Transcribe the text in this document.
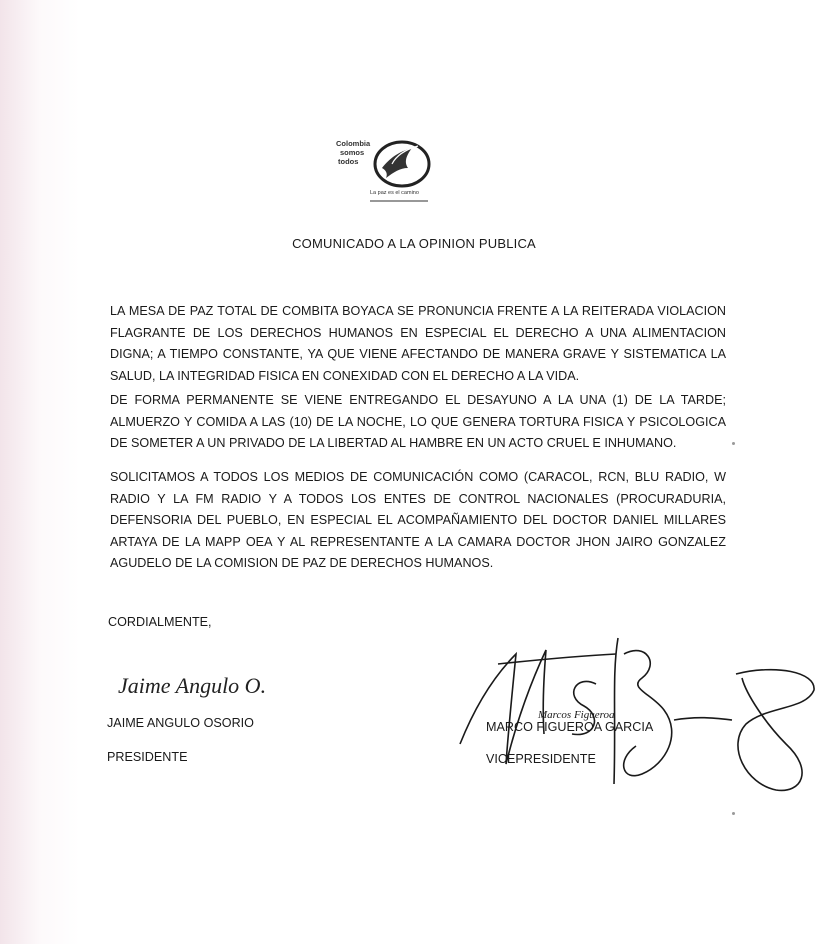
Colombia
somos
todos
La paz es el camino
COMUNICADO A LA OPINION PUBLICA

LA MESA DE PAZ TOTAL DE COMBITA BOYACA SE PRONUNCIA FRENTE A LA REITERADA VIOLACION FLAGRANTE DE LOS DERECHOS HUMANOS EN ESPECIAL EL DERECHO A UNA ALIMENTACION DIGNA; A TIEMPO CONSTANTE, YA QUE VIENE AFECTANDO DE MANERA GRAVE Y SISTEMATICA LA SALUD, LA INTEGRIDAD FISICA EN CONEXIDAD CON EL DERECHO A LA VIDA.

DE FORMA PERMANENTE SE VIENE ENTREGANDO EL DESAYUNO A LA UNA (1) DE LA TARDE; ALMUERZO Y COMIDA A LAS (10) DE LA NOCHE, LO QUE GENERA TORTURA FISICA Y PSICOLOGICA DE SOMETER A UN PRIVADO DE LA LIBERTAD AL HAMBRE EN UN ACTO CRUEL E INHUMANO.

SOLICITAMOS A TODOS LOS MEDIOS DE COMUNICACIÓN COMO (CARACOL, RCN, BLU RADIO, W RADIO Y LA FM RADIO Y A TODOS LOS ENTES DE CONTROL NACIONALES (PROCURADURIA, DEFENSORIA DEL PUEBLO, EN ESPECIAL EL ACOMPAÑAMIENTO DEL DOCTOR DANIEL MILLARES ARTAYA DE LA MAPP OEA Y AL REPRESENTANTE A LA CAMARA DOCTOR JHON JAIRO GONZALEZ AGUDELO DE LA COMISION DE PAZ DE DERECHOS HUMANOS.

CORDIALMENTE,
Jaime Angulo O.
JAIME ANGULO OSORIO
PRESIDENTE
MARCO FIGUEROA GARCIA
VICEPRESIDENTE
Marcos Figueroa
